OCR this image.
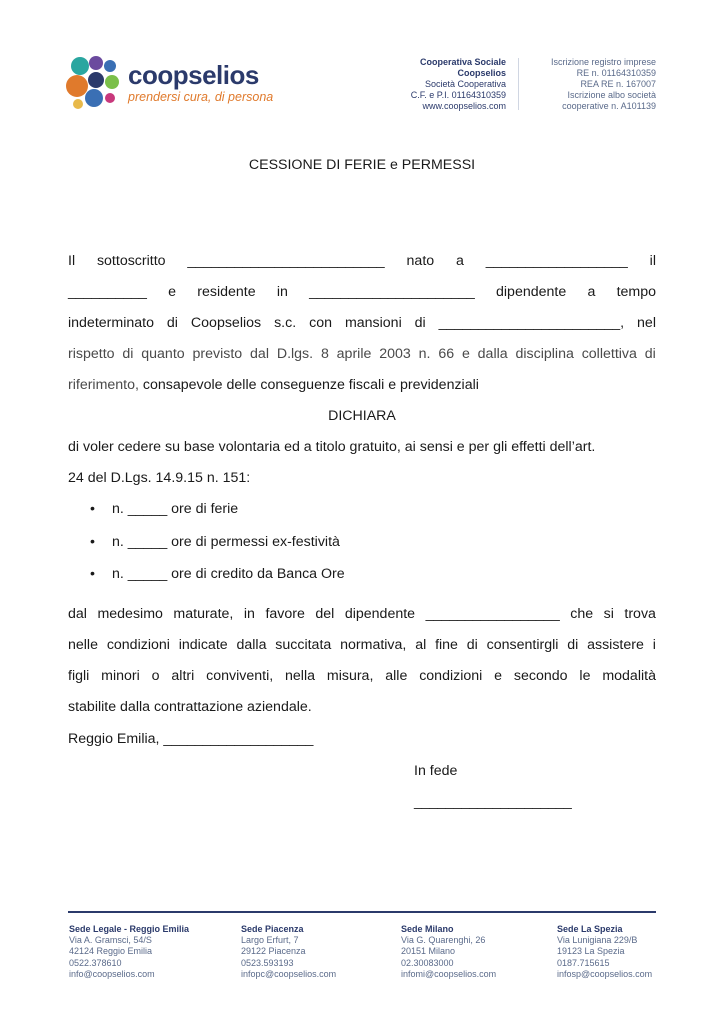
coopselios
prendersi cura, di persona
Cooperativa Sociale
Coopselios
Società Cooperativa
C.F. e P.I. 01164310359
www.coopselios.com
Iscrizione registro imprese
RE n. 01164310359
REA RE n. 167007
Iscrizione albo società
cooperative n. A101139
CESSIONE DI FERIE e PERMESSI
Il sottoscritto _________________________ nato a __________________ il
__________ e residente in _____________________ dipendente a tempo
indeterminato di Coopselios s.c. con mansioni di _______________________, nel
rispetto di quanto previsto dal D.lgs. 8 aprile 2003 n. 66 e dalla disciplina collettiva di
riferimento, consapevole delle conseguenze fiscali e previdenziali
DICHIARA
di voler cedere su base volontaria ed a titolo gratuito, ai sensi e per gli effetti dell’art.
24 del D.Lgs. 14.9.15 n. 151:
• n. _____ ore di ferie
• n. _____ ore di permessi ex-festività
• n. _____ ore di credito da Banca Ore
dal medesimo maturate, in favore del dipendente _________________ che si trova
nelle condizioni indicate dalla succitata normativa, al fine di consentirgli di assistere i
figli minori o altri conviventi, nella misura, alle condizioni e secondo le modalità
stabilite dalla contrattazione aziendale.
Reggio Emilia, ___________________
In fede
____________________
Sede Legale - Reggio Emilia
Via A. Gramsci, 54/S
42124 Reggio Emilia
0522.378610
info@coopselios.com
Sede Piacenza
Largo Erfurt, 7
29122 Piacenza
0523.593193
infopc@coopselios.com
Sede Milano
Via G. Quarenghi, 26
20151 Milano
02.30083000
infomi@coopselios.com
Sede La Spezia
Via Lunigiana 229/B
19123 La Spezia
0187.715615
infosp@coopselios.com
